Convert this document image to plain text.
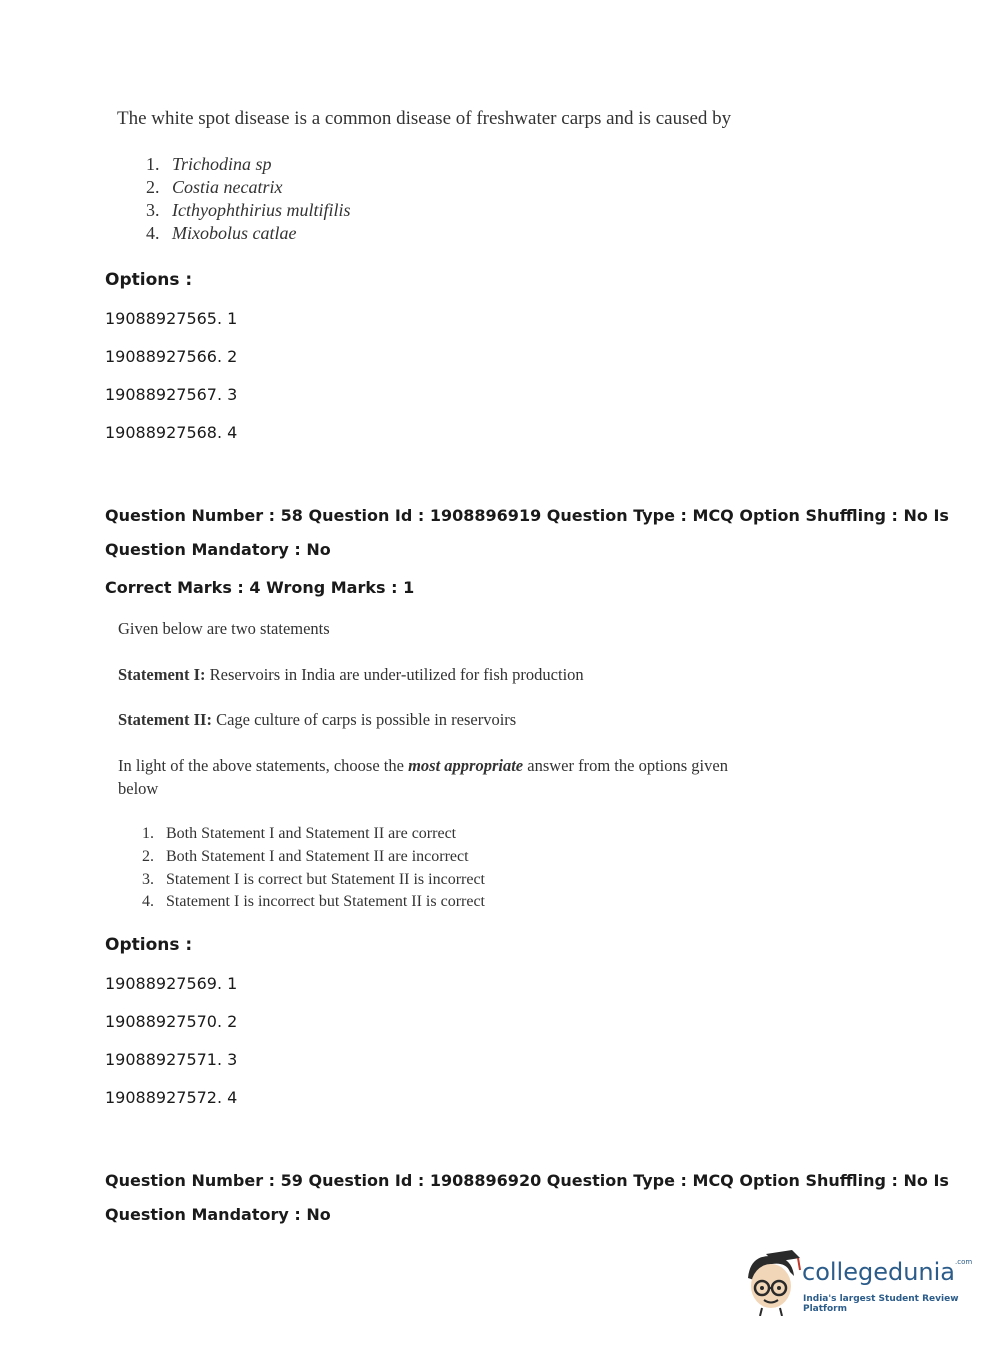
The white spot disease is a common disease of freshwater carps and is caused by
1. Trichodina sp
2. Costia necatrix
3. Icthyophthirius multifilis
4. Mixobolus catlae
Options :
19088927565. 1
19088927566. 2
19088927567. 3
19088927568. 4
Question Number : 58 Question Id : 1908896919 Question Type : MCQ Option Shuffling : No Is
Question Mandatory : No
Correct Marks : 4 Wrong Marks : 1
Given below are two statements
Statement I: Reservoirs in India are under-utilized for fish production
Statement II: Cage culture of carps is possible in reservoirs
In light of the above statements, choose the most appropriate answer from the options given
below
1. Both Statement I and Statement II are correct
2. Both Statement I and Statement II are incorrect
3. Statement I is correct but Statement II is incorrect
4. Statement I is incorrect but Statement II is correct
Options :
19088927569. 1
19088927570. 2
19088927571. 3
19088927572. 4
Question Number : 59 Question Id : 1908896920 Question Type : MCQ Option Shuffling : No Is
Question Mandatory : No
collegedunia$^{.com}$
India's largest Student Review Platform
